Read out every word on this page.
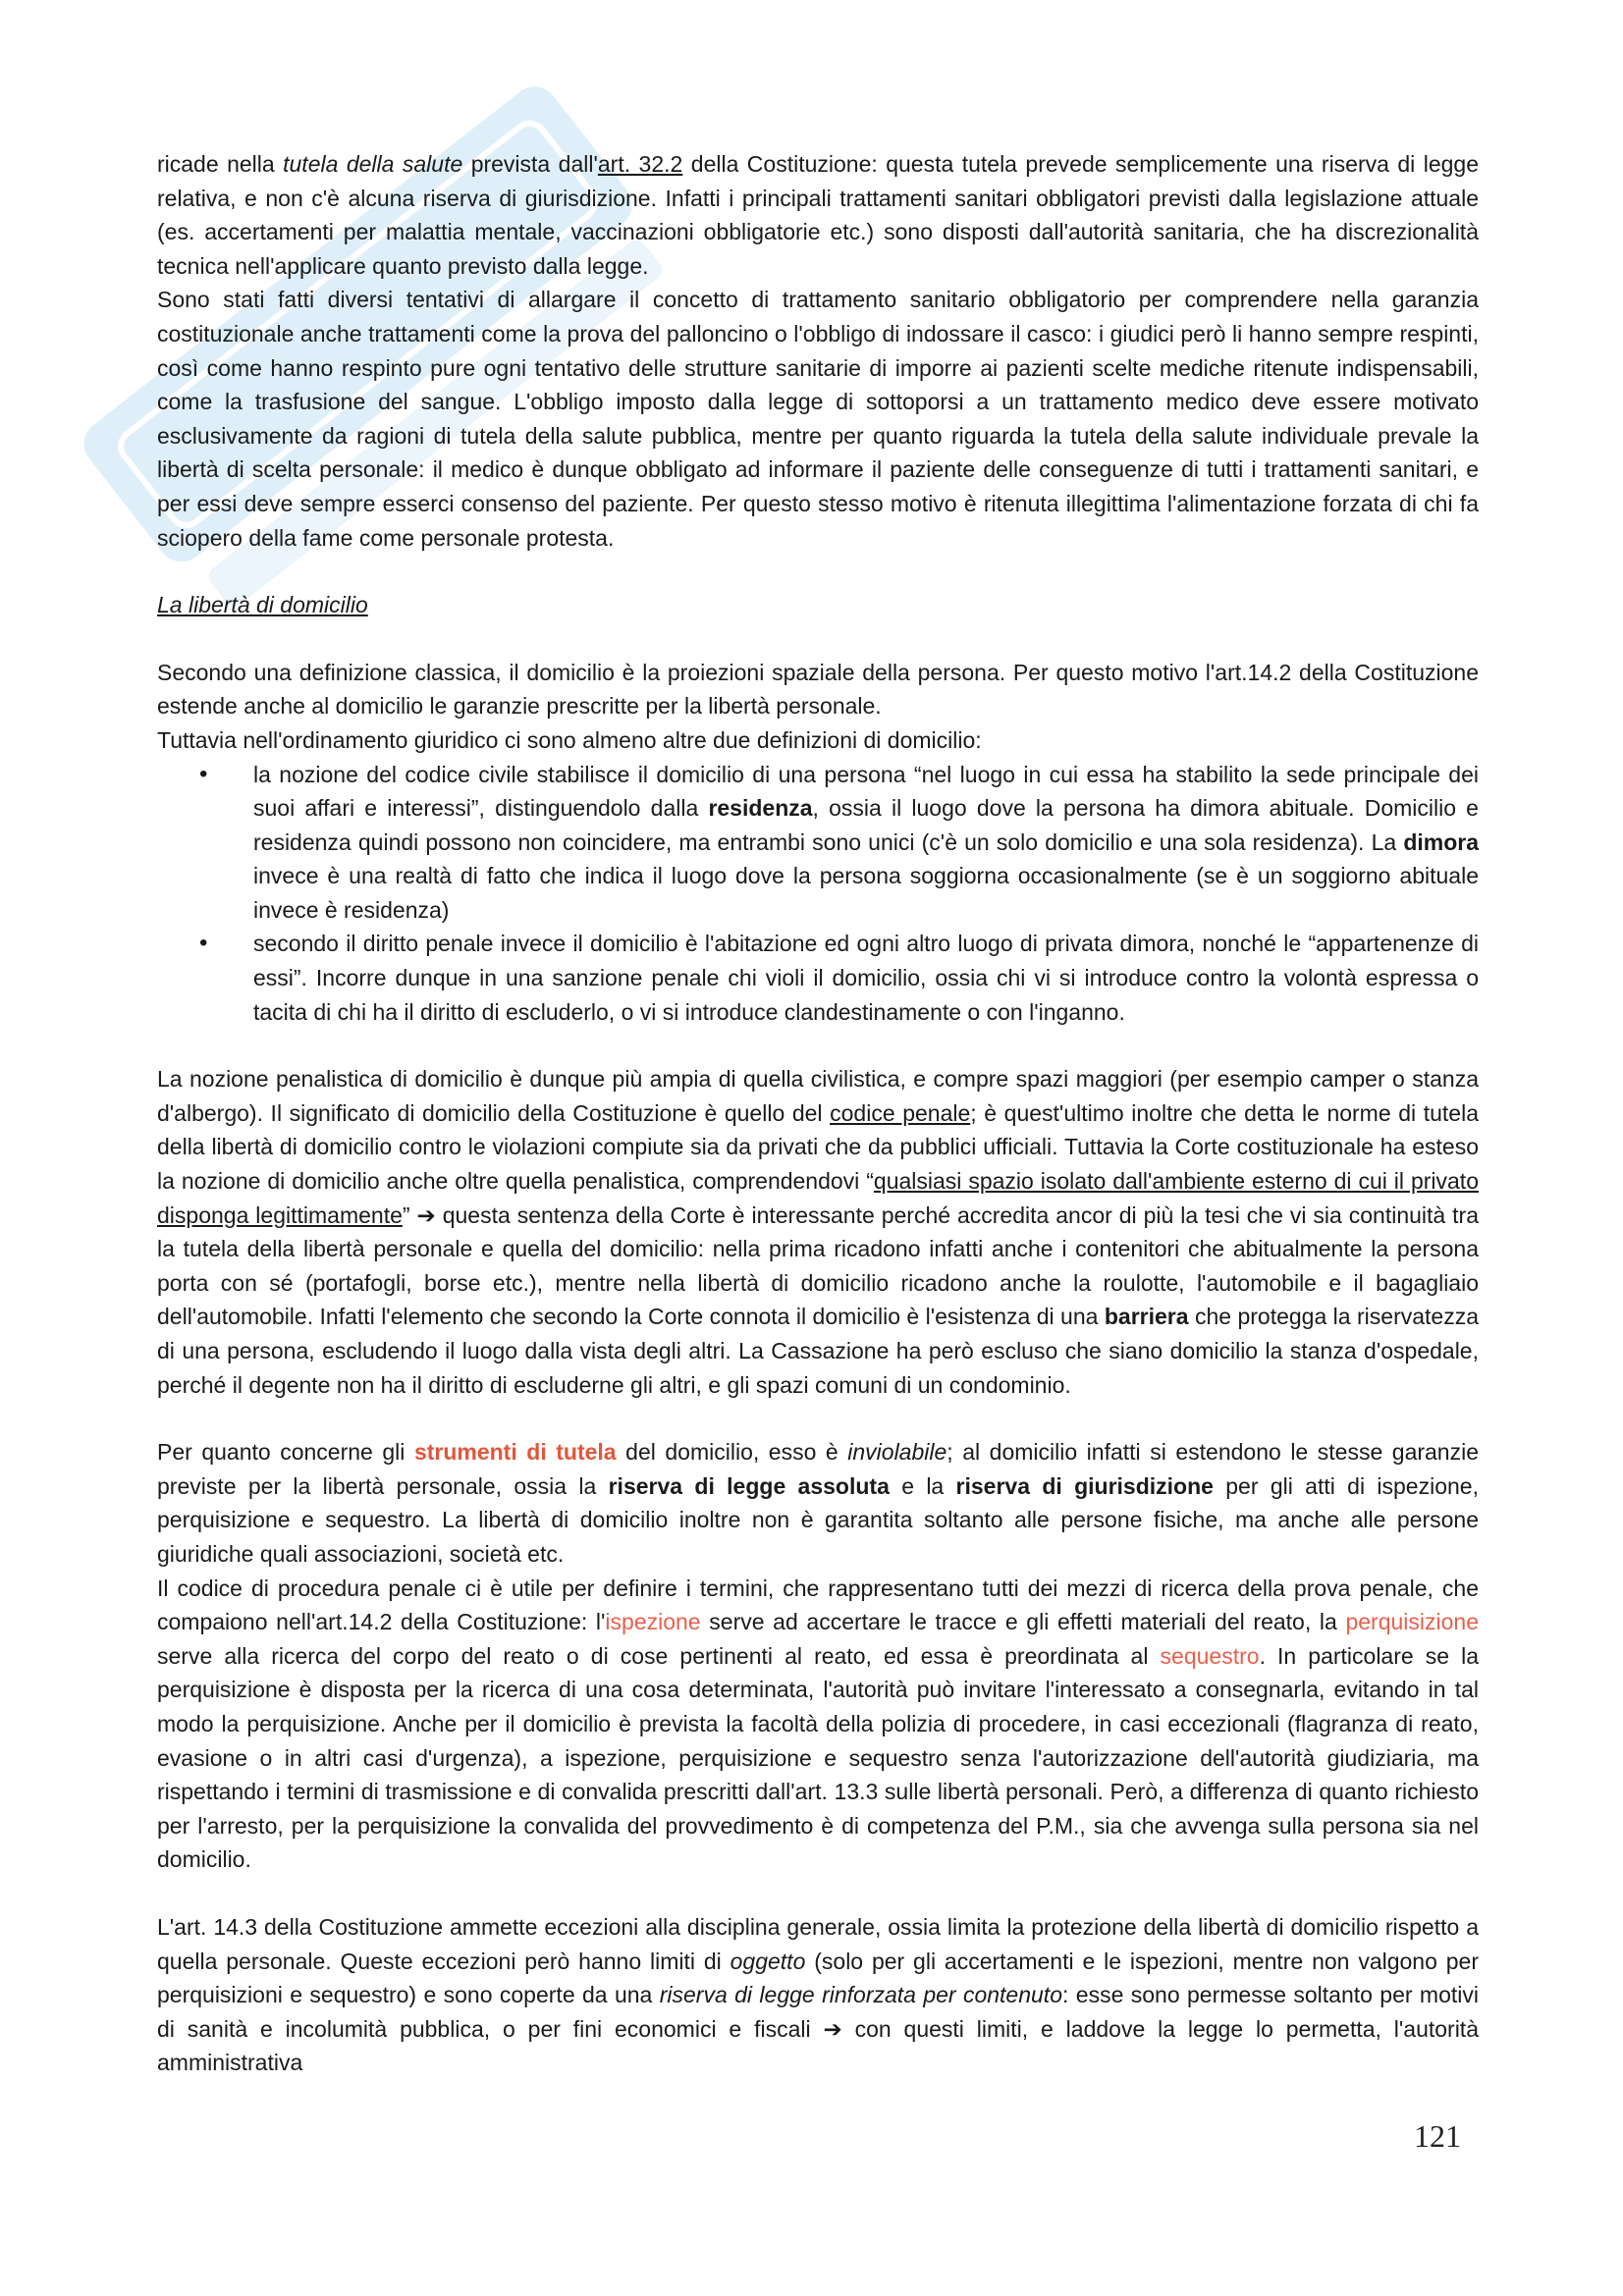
ricade nella tutela della salute prevista dall'art. 32.2 della Costituzione: questa tutela prevede semplicemente una riserva di legge relativa, e non c'è alcuna riserva di giurisdizione. Infatti i principali trattamenti sanitari obbligatori previsti dalla legislazione attuale (es. accertamenti per malattia mentale, vaccinazioni obbligatorie etc.) sono disposti dall'autorità sanitaria, che ha discrezionalità tecnica nell'applicare quanto previsto dalla legge.

Sono stati fatti diversi tentativi di allargare il concetto di trattamento sanitario obbligatorio per comprendere nella garanzia costituzionale anche trattamenti come la prova del palloncino o l'obbligo di indossare il casco: i giudici però li hanno sempre respinti, così come hanno respinto pure ogni tentativo delle strutture sanitarie di imporre ai pazienti scelte mediche ritenute indispensabili, come la trasfusione del sangue. L'obbligo imposto dalla legge di sottoporsi a un trattamento medico deve essere motivato esclusivamente da ragioni di tutela della salute pubblica, mentre per quanto riguarda la tutela della salute individuale prevale la libertà di scelta personale: il medico è dunque obbligato ad informare il paziente delle conseguenze di tutti i trattamenti sanitari, e per essi deve sempre esserci consenso del paziente. Per questo stesso motivo è ritenuta illegittima l'alimentazione forzata di chi fa sciopero della fame come personale protesta.

La libertà di domicilio

Secondo una definizione classica, il domicilio è la proiezioni spaziale della persona. Per questo motivo l'art.14.2 della Costituzione estende anche al domicilio le garanzie prescritte per la libertà personale.

Tuttavia nell'ordinamento giuridico ci sono almeno altre due definizioni di domicilio:

• la nozione del codice civile stabilisce il domicilio di una persona “nel luogo in cui essa ha stabilito la sede principale dei suoi affari e interessi”, distinguendolo dalla residenza, ossia il luogo dove la persona ha dimora abituale. Domicilio e residenza quindi possono non coincidere, ma entrambi sono unici (c'è un solo domicilio e una sola residenza). La dimora invece è una realtà di fatto che indica il luogo dove la persona soggiorna occasionalmente (se è un soggiorno abituale invece è residenza)
• secondo il diritto penale invece il domicilio è l'abitazione ed ogni altro luogo di privata dimora, nonché le “appartenenze di essi”. Incorre dunque in una sanzione penale chi violi il domicilio, ossia chi vi si introduce contro la volontà espressa o tacita di chi ha il diritto di escluderlo, o vi si introduce clandestinamente o con l'inganno.

La nozione penalistica di domicilio è dunque più ampia di quella civilistica, e compre spazi maggiori (per esempio camper o stanza d'albergo). Il significato di domicilio della Costituzione è quello del codice penale; è quest'ultimo inoltre che detta le norme di tutela della libertà di domicilio contro le violazioni compiute sia da privati che da pubblici ufficiali. Tuttavia la Corte costituzionale ha esteso la nozione di domicilio anche oltre quella penalistica, comprendendovi “qualsiasi spazio isolato dall'ambiente esterno di cui il privato disponga legittimamente” ➔ questa sentenza della Corte è interessante perché accredita ancor di più la tesi che vi sia continuità tra la tutela della libertà personale e quella del domicilio: nella prima ricadono infatti anche i contenitori che abitualmente la persona porta con sé (portafogli, borse etc.), mentre nella libertà di domicilio ricadono anche la roulotte, l'automobile e il bagagliaio dell'automobile. Infatti l'elemento che secondo la Corte connota il domicilio è l'esistenza di una barriera che protegga la riservatezza di una persona, escludendo il luogo dalla vista degli altri. La Cassazione ha però escluso che siano domicilio la stanza d'ospedale, perché il degente non ha il diritto di escluderne gli altri, e gli spazi comuni di un condominio.

Per quanto concerne gli strumenti di tutela del domicilio, esso è inviolabile; al domicilio infatti si estendono le stesse garanzie previste per la libertà personale, ossia la riserva di legge assoluta e la riserva di giurisdizione per gli atti di ispezione, perquisizione e sequestro. La libertà di domicilio inoltre non è garantita soltanto alle persone fisiche, ma anche alle persone giuridiche quali associazioni, società etc.

Il codice di procedura penale ci è utile per definire i termini, che rappresentano tutti dei mezzi di ricerca della prova penale, che compaiono nell'art.14.2 della Costituzione: l'ispezione serve ad accertare le tracce e gli effetti materiali del reato, la perquisizione serve alla ricerca del corpo del reato o di cose pertinenti al reato, ed essa è preordinata al sequestro. In particolare se la perquisizione è disposta per la ricerca di una cosa determinata, l'autorità può invitare l'interessato a consegnarla, evitando in tal modo la perquisizione. Anche per il domicilio è prevista la facoltà della polizia di procedere, in casi eccezionali (flagranza di reato, evasione o in altri casi d'urgenza), a ispezione, perquisizione e sequestro senza l'autorizzazione dell'autorità giudiziaria, ma rispettando i termini di trasmissione e di convalida prescritti dall'art. 13.3 sulle libertà personali. Però, a differenza di quanto richiesto per l'arresto, per la perquisizione la convalida del provvedimento è di competenza del P.M., sia che avvenga sulla persona sia nel domicilio.

L'art. 14.3 della Costituzione ammette eccezioni alla disciplina generale, ossia limita la protezione della libertà di domicilio rispetto a quella personale. Queste eccezioni però hanno limiti di oggetto (solo per gli accertamenti e le ispezioni, mentre non valgono per perquisizioni e sequestro) e sono coperte da una riserva di legge rinforzata per contenuto: esse sono permesse soltanto per motivi di sanità e incolumità pubblica, o per fini economici e fiscali ➔ con questi limiti, e laddove la legge lo permetta, l'autorità amministrativa

121
